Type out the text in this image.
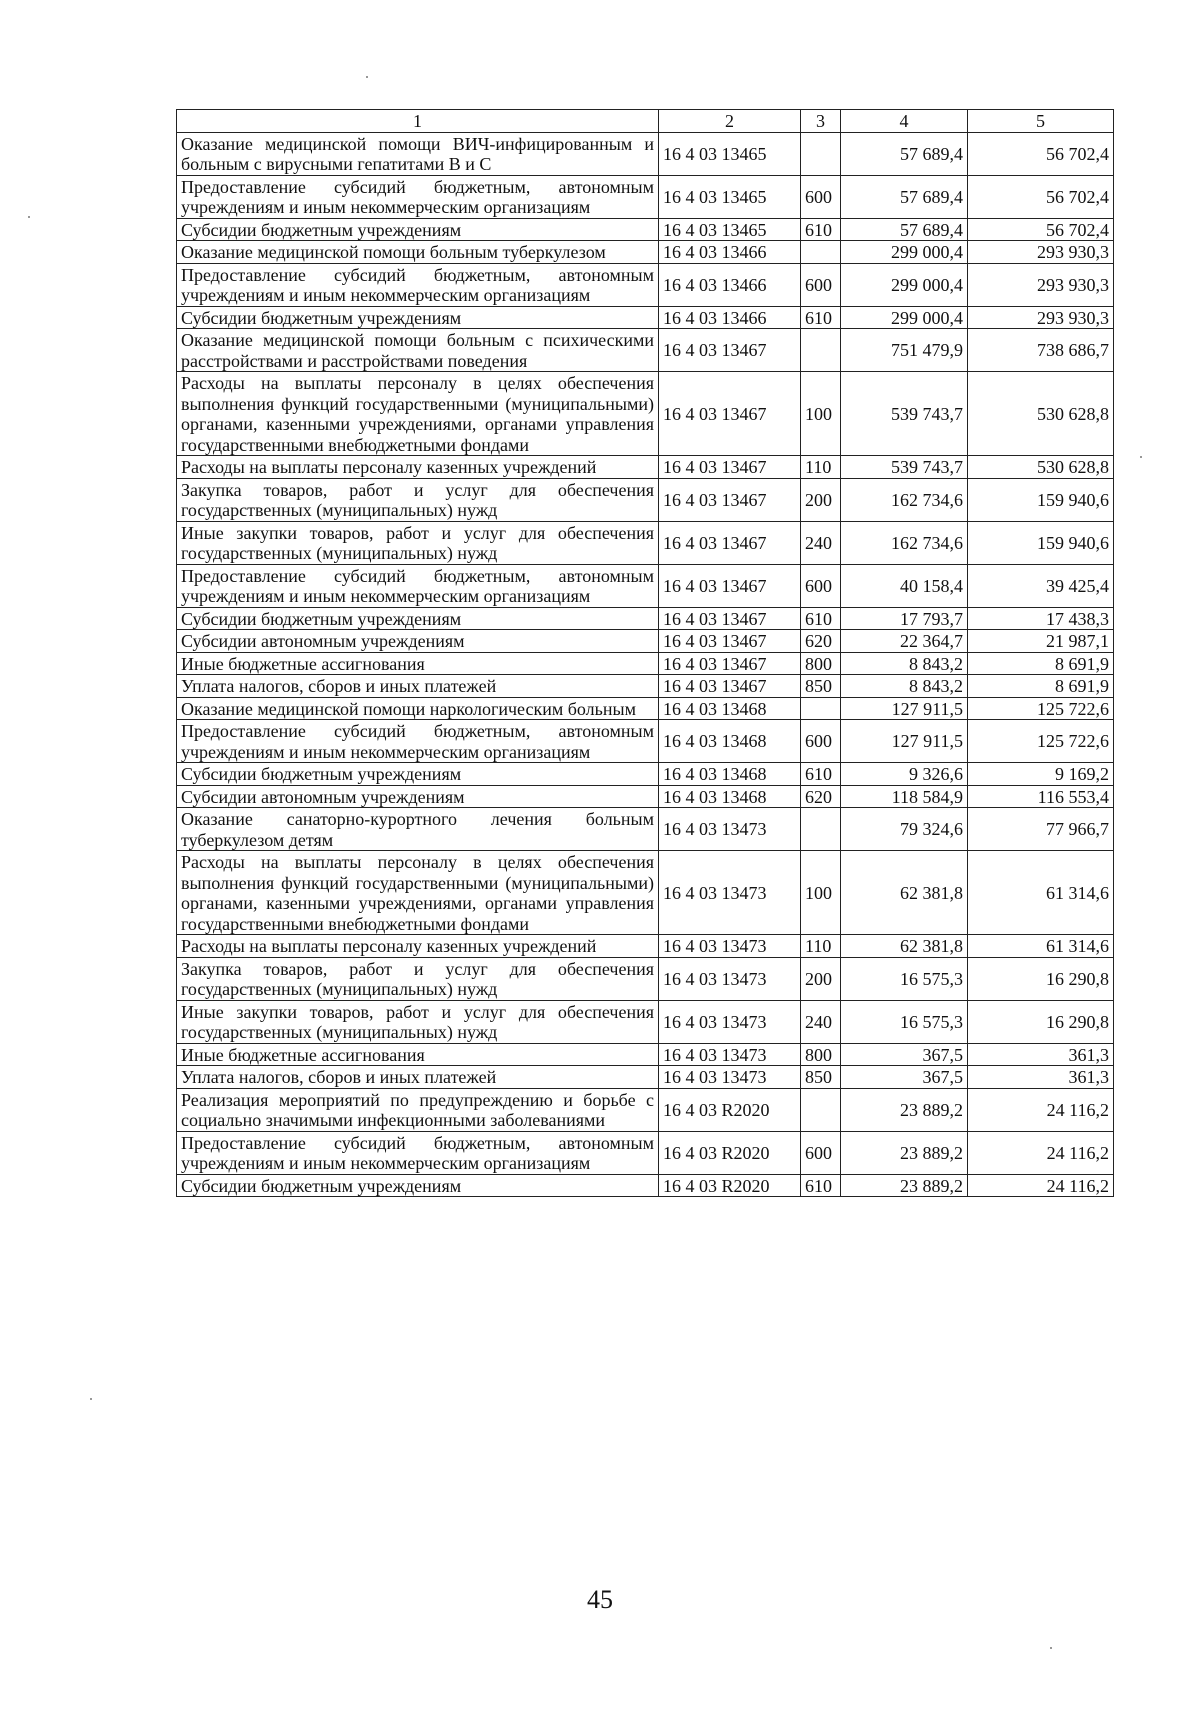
1	2	3	4	5
Оказание медицинской помощи ВИЧ-инфицированным и больным с вирусными гепатитами В и С	16 4 03 13465		57 689,4	56 702,4
Предоставление субсидий бюджетным, автономным учреждениям и иным некоммерческим организациям	16 4 03 13465	600	57 689,4	56 702,4
Субсидии бюджетным учреждениям	16 4 03 13465	610	57 689,4	56 702,4
Оказание медицинской помощи больным туберкулезом	16 4 03 13466		299 000,4	293 930,3
Предоставление субсидий бюджетным, автономным учреждениям и иным некоммерческим организациям	16 4 03 13466	600	299 000,4	293 930,3
Субсидии бюджетным учреждениям	16 4 03 13466	610	299 000,4	293 930,3
Оказание медицинской помощи больным с психическими расстройствами и расстройствами поведения	16 4 03 13467		751 479,9	738 686,7
Расходы на выплаты персоналу в целях обеспечения выполнения функций государственными (муниципальными) органами, казенными учреждениями, органами управления государственными внебюджетными фондами	16 4 03 13467	100	539 743,7	530 628,8
Расходы на выплаты персоналу казенных учреждений	16 4 03 13467	110	539 743,7	530 628,8
Закупка товаров, работ и услуг для обеспечения государственных (муниципальных) нужд	16 4 03 13467	200	162 734,6	159 940,6
Иные закупки товаров, работ и услуг для обеспечения государственных (муниципальных) нужд	16 4 03 13467	240	162 734,6	159 940,6
Предоставление субсидий бюджетным, автономным учреждениям и иным некоммерческим организациям	16 4 03 13467	600	40 158,4	39 425,4
Субсидии бюджетным учреждениям	16 4 03 13467	610	17 793,7	17 438,3
Субсидии автономным учреждениям	16 4 03 13467	620	22 364,7	21 987,1
Иные бюджетные ассигнования	16 4 03 13467	800	8 843,2	8 691,9
Уплата налогов, сборов и иных платежей	16 4 03 13467	850	8 843,2	8 691,9
Оказание медицинской помощи наркологическим больным	16 4 03 13468		127 911,5	125 722,6
Предоставление субсидий бюджетным, автономным учреждениям и иным некоммерческим организациям	16 4 03 13468	600	127 911,5	125 722,6
Субсидии бюджетным учреждениям	16 4 03 13468	610	9 326,6	9 169,2
Субсидии автономным учреждениям	16 4 03 13468	620	118 584,9	116 553,4
Оказание санаторно-курортного лечения больным туберкулезом детям	16 4 03 13473		79 324,6	77 966,7
Расходы на выплаты персоналу в целях обеспечения выполнения функций государственными (муниципальными) органами, казенными учреждениями, органами управления государственными внебюджетными фондами	16 4 03 13473	100	62 381,8	61 314,6
Расходы на выплаты персоналу казенных учреждений	16 4 03 13473	110	62 381,8	61 314,6
Закупка товаров, работ и услуг для обеспечения государственных (муниципальных) нужд	16 4 03 13473	200	16 575,3	16 290,8
Иные закупки товаров, работ и услуг для обеспечения государственных (муниципальных) нужд	16 4 03 13473	240	16 575,3	16 290,8
Иные бюджетные ассигнования	16 4 03 13473	800	367,5	361,3
Уплата налогов, сборов и иных платежей	16 4 03 13473	850	367,5	361,3
Реализация мероприятий по предупреждению и борьбе с социально значимыми инфекционными заболеваниями	16 4 03 R2020		23 889,2	24 116,2
Предоставление субсидий бюджетным, автономным учреждениям и иным некоммерческим организациям	16 4 03 R2020	600	23 889,2	24 116,2
Субсидии бюджетным учреждениям	16 4 03 R2020	610	23 889,2	24 116,2
45
